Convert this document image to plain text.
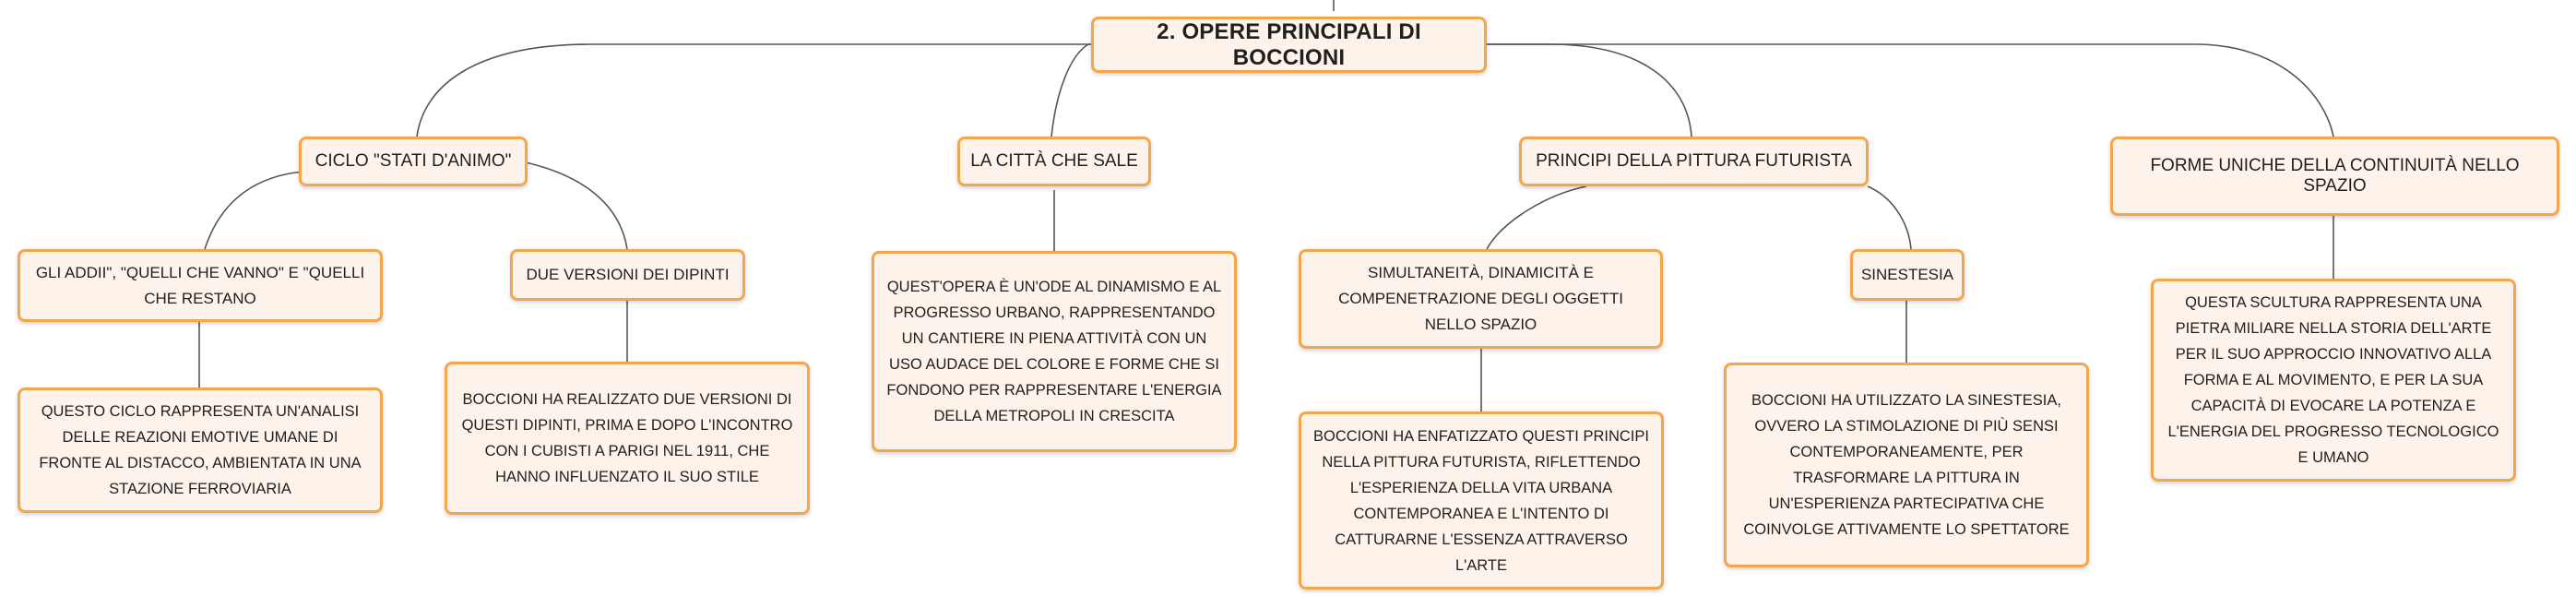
2. OPERE PRINCIPALI DI BOCCIONI
CICLO "STATI D'ANIMO"	LA CITTÀ CHE SALE	PRINCIPI DELLA PITTURA FUTURISTA	FORME UNICHE DELLA CONTINUITÀ NELLO SPAZIO
GLI ADDII", "QUELLI CHE VANNO" E "QUELLI CHE RESTANO
DUE VERSIONI DEI DIPINTI	SIMULTANEITÀ, DINAMICITÀ E COMPENETRAZIONE DEGLI OGGETTI NELLO SPAZIO
SINESTESIA
QUESTO CICLO RAPPRESENTA UN'ANALISI DELLE REAZIONI EMOTIVE UMANE DI FRONTE AL DISTACCO, AMBIENTATA IN UNA STAZIONE FERROVIARIA
BOCCIONI HA REALIZZATO DUE VERSIONI DI QUESTI DIPINTI, PRIMA E DOPO L'INCONTRO CON I CUBISTI A PARIGI NEL 1911, CHE HANNO INFLUENZATO IL SUO STILE
QUEST'OPERA È UN'ODE AL DINAMISMO E AL PROGRESSO URBANO, RAPPRESENTANDO UN CANTIERE IN PIENA ATTIVITÀ CON UN USO AUDACE DEL COLORE E FORME CHE SI FONDONO PER RAPPRESENTARE L'ENERGIA DELLA METROPOLI IN CRESCITA
BOCCIONI HA ENFATIZZATO QUESTI PRINCIPI NELLA PITTURA FUTURISTA, RIFLETTENDO L'ESPERIENZA DELLA VITA URBANA CONTEMPORANEA E L'INTENTO DI CATTURARNE L'ESSENZA ATTRAVERSO L'ARTE
BOCCIONI HA UTILIZZATO LA SINESTESIA, OVVERO LA STIMOLAZIONE DI PIÙ SENSI CONTEMPORANEAMENTE, PER TRASFORMARE LA PITTURA IN UN'ESPERIENZA PARTECIPATIVA CHE COINVOLGE ATTIVAMENTE LO SPETTATORE
QUESTA SCULTURA RAPPRESENTA UNA PIETRA MILIARE NELLA STORIA DELL'ARTE PER IL SUO APPROCCIO INNOVATIVO ALLA FORMA E AL MOVIMENTO, E PER LA SUA CAPACITÀ DI EVOCARE LA POTENZA E L'ENERGIA DEL PROGRESSO TECNOLOGICO E UMANO
